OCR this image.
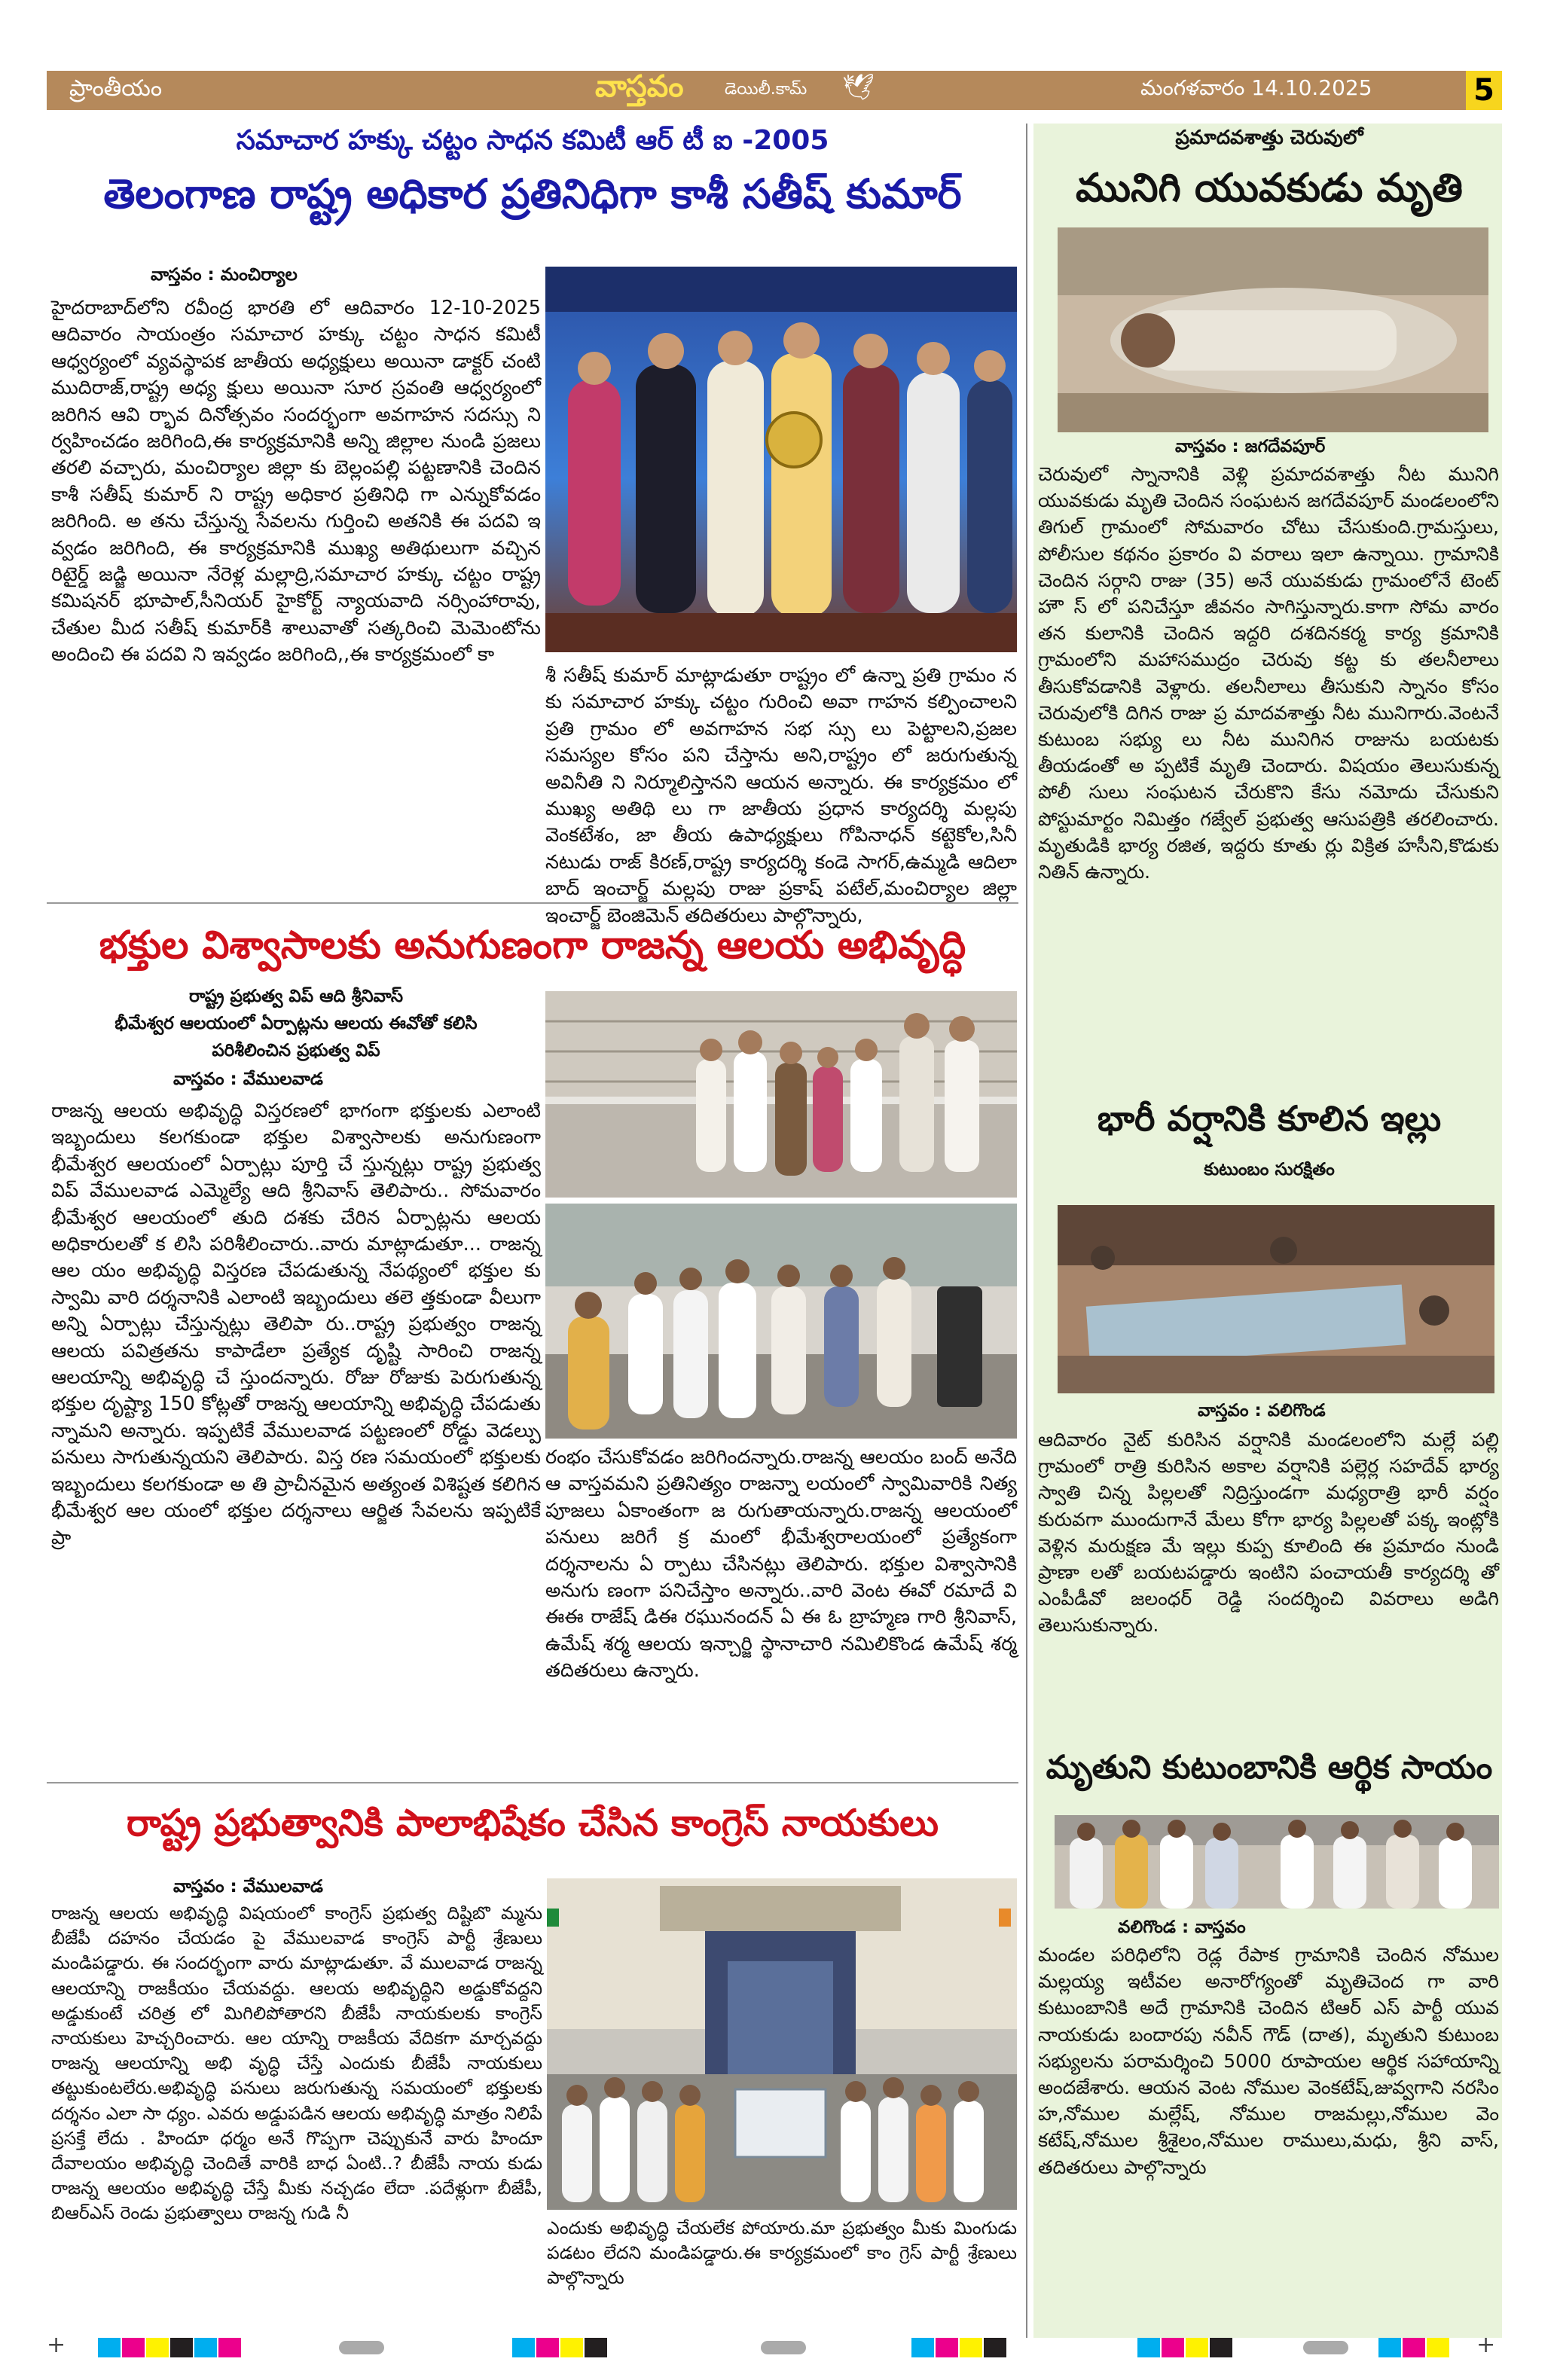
ప్రాంతీయం	వాస్తవం డెయిలీ.కామ్ 🕊	మంగళవారం 14.10.2025	5
సమాచార హక్కు చట్టం సాధన కమిటీ ఆర్ టీ ఐ -2005
తెలంగాణ రాష్ట్ర అధికార ప్రతినిధిగా కాశీ సతీష్ కుమార్
వాస్తవం : మంచిర్యాల

హైదరాబాద్‌లోని రవీంద్ర భారతి లో ఆదివారం 12-10-2025 ఆదివారం సాయంత్రం సమాచార హక్కు చట్టం సాధన కమిటీ ఆధ్వర్యంలో వ్యవస్థాపక జాతీయ అధ్యక్షులు అయినా డాక్టర్ చంటి ముదిరాజ్,రాష్ట్ర అధ్య క్షులు అయినా సూర స్రవంతి ఆధ్వర్యంలో జరిగిన ఆవి ర్భావ దినోత్సవం సందర్భంగా అవగాహన సదస్సు ని ర్వహించడం జరిగింది,ఈ కార్యక్రమానికి అన్ని జిల్లాల నుండి ప్రజలు తరలి వచ్చారు, మంచిర్యాల జిల్లా కు బెల్లంపల్లి పట్టణానికి చెందిన కాశీ సతీష్ కుమార్ ని రాష్ట్ర అధికార ప్రతినిధి గా ఎన్నుకోవడం జరిగింది. అ తను చేస్తున్న సేవలను గుర్తించి అతనికి ఈ పదవి ఇ వ్వడం జరిగింది, ఈ కార్యక్రమానికి ముఖ్య అతిథులుగా వచ్చిన రిటైర్డ్ జడ్జి అయినా నేరెళ్ల మల్లాద్రి,సమాచార హక్కు చట్టం రాష్ట్ర కమిషనర్ భూపాల్,సీనియర్ హైకోర్ట్ న్యాయవాది నర్సింహారావు, చేతుల మీద సతీష్ కుమార్‌కి శాలువాతో సత్కరించి మెమెంటోను అందించి ఈ పదవి ని ఇవ్వడం జరిగింది,,ఈ కార్యక్రమంలో కా

శీ సతీష్ కుమార్ మాట్లాడుతూ రాష్ట్రం లో ఉన్నా ప్రతి గ్రామం న కు సమాచార హక్కు చట్టం గురించి అవా గాహన కల్పించాలని ప్రతి గ్రామం లో అవగాహన సభ స్సు లు పెట్టాలని,ప్రజల సమస్యల కోసం పని చేస్తాను అని,రాష్ట్రం లో జరుగుతున్న అవినీతి ని నిర్మూలిస్తానని ఆయన అన్నారు. ఈ కార్యక్రమం లో ముఖ్య అతిథి లు గా జాతీయ ప్రధాన కార్యదర్శి మల్లపు వెంకటేశం, జా తీయ ఉపాధ్యక్షులు గోపినాధన్ కట్టెకోల,సినీ నటుడు రాజ్ కిరణ్,రాష్ట్ర కార్యదర్శి కండె సాగర్,ఉమ్మడి ఆదిలా బాద్ ఇంచార్జ్ మల్లపు రాజు ప్రకాష్ పటేల్,మంచిర్యాల జిల్లా ఇంచార్జ్ బెంజిమెన్ తదితరులు పాల్గొన్నారు,

భక్తుల విశ్వాసాలకు అనుగుణంగా రాజన్న ఆలయ అభివృద్ధి
రాష్ట్ర ప్రభుత్వ విప్ ఆది శ్రీనివాస్
భీమేశ్వర ఆలయంలో ఏర్పాట్లను ఆలయ ఈవోతో కలిసి
పరిశీలించిన ప్రభుత్వ విప్
వాస్తవం : వేములవాడ

రాజన్న ఆలయ అభివృద్ధి విస్తరణలో భాగంగా భక్తులకు ఎలాంటి ఇబ్బందులు కలగకుండా భక్తుల విశ్వాసాలకు అనుగుణంగా భీమేశ్వర ఆలయంలో ఏర్పాట్లు పూర్తి చే స్తున్నట్లు రాష్ట్ర ప్రభుత్వ విప్ వేములవాడ ఎమ్మెల్యే ఆది శ్రీనివాస్ తెలిపారు.. సోమవారం భీమేశ్వర ఆలయంలో తుది దశకు చేరిన ఏర్పాట్లను ఆలయ అధికారులతో క లిసి పరిశీలించారు..వారు మాట్లాడుతూ... రాజన్న ఆల యం అభివృద్ధి విస్తరణ చేపడుతున్న నేపథ్యంలో భక్తుల కు స్వామి వారి దర్శనానికి ఎలాంటి ఇబ్బందులు తలె త్తకుండా వీలుగా అన్ని ఏర్పాట్లు చేస్తున్నట్లు తెలిపా రు..రాష్ట్ర ప్రభుత్వం రాజన్న ఆలయ పవిత్రతను కాపాడేలా ప్రత్యేక దృష్టి సారించి రాజన్న ఆలయాన్ని అభివృద్ధి చే స్తుందన్నారు. రోజు రోజుకు పెరుగుతున్న భక్తుల దృష్ట్యా 150 కోట్లతో రాజన్న ఆలయాన్ని అభివృద్ధి చేపడుతు న్నామని అన్నారు. ఇప్పటికే వేములవాడ పట్టణంలో రోడ్డు వెడల్పు పనులు సాగుతున్నయని తెలిపారు. విస్త రణ సమయంలో భక్తులకు ఇబ్బందులు కలగకుండా అ తి ప్రాచీనమైన అత్యంత విశిష్టత కలిగిన భీమేశ్వర ఆల యంలో భక్తుల దర్శనాలు ఆర్జిత సేవలను ఇప్పటికే ప్రా

రంభం చేసుకోవడం జరిగిందన్నారు.రాజన్న ఆలయం బంద్ అనేది ఆ వాస్తవమని ప్రతినిత్యం రాజన్నా లయంలో స్వామివారికి నిత్య పూజలు ఏకాంతంగా జ రుగుతాయన్నారు.రాజన్న ఆలయంలో పనులు జరిగే క్ర మంలో భీమేశ్వరాలయంలో ప్రత్యేకంగా దర్శనాలను ఏ ర్పాటు చేసినట్లు తెలిపారు. భక్తుల విశ్వాసానికి అనుగు ణంగా పనిచేస్తాం అన్నారు..వారి వెంట ఈవో రమాదే వి ఈఈ రాజేష్ డిఈ రఘునందన్ ఏ ఈ ఓ బ్రాహ్మణ గారి శ్రీనివాస్, ఉమేష్ శర్మ ఆలయ ఇన్చార్జి స్థానాచారి నమిలికొండ ఉమేష్ శర్మ తదితరులు ఉన్నారు.

రాష్ట్ర ప్రభుత్వానికి పాలాభిషేకం చేసిన కాంగ్రెస్ నాయకులు
వాస్తవం : వేములవాడ

రాజన్న ఆలయ అభివృద్ధి విషయంలో కాంగ్రెస్ ప్రభుత్వ దిష్టిబొ మ్మను బీజేపీ దహనం చేయడం పై వేములవాడ కాంగ్రెస్ పార్టీ శ్రేణులు మండిపడ్డారు. ఈ సందర్భంగా వారు మాట్లాడుతూ. వే ములవాడ రాజన్న ఆలయాన్ని రాజకీయం చేయవద్దు. ఆలయ అభివృద్ధిని అడ్డుకోవద్దని అడ్డుకుంటే చరిత్ర లో మిగిలిపోతారని బీజేపీ నాయకులకు కాంగ్రెస్ నాయకులు హెచ్చరించారు. ఆల యాన్ని రాజకీయ వేదికగా మార్చవద్దు రాజన్న ఆలయాన్ని అభి వృద్ధి చేస్తే ఎందుకు బీజేపీ నాయకులు తట్టుకుంటలేరు.అభివృద్ధి పనులు జరుగుతున్న సమయంలో భక్తులకు దర్శనం ఎలా సా ధ్యం. ఎవరు అడ్డుపడిన ఆలయ అభివృద్ధి మాత్రం నిలిపే ప్రసక్తే లేదు . హిందూ ధర్మం అనే గొప్పగా చెప్పుకునే వారు హిందూ దేవాలయం అభివృద్ధి చెందితే వారికి బాధ ఏంటి..? బీజేపీ నాయ కుడు రాజన్న ఆలయం అభివృద్ధి చేస్తే మీకు నచ్చడం లేదా .పదేళ్లుగా బీజేపీ, బిఆర్ఎస్ రెండు ప్రభుత్వాలు రాజన్న గుడి నీ

ఎందుకు అభివృద్ధి చేయలేక పోయారు.మా ప్రభుత్వం మీకు మింగుడు పడటం లేదని మండిపడ్డారు.ఈ కార్యక్రమంలో కాం గ్రెస్ పార్టీ శ్రేణులు పాల్గొన్నారు

ప్రమాదవశాత్తు చెరువులో
మునిగి యువకుడు మృతి
వాస్తవం : జగదేవపూర్

చెరువులో స్నానానికి వెళ్లి ప్రమాదవశాత్తు నీట మునిగి యువకుడు మృతి చెందిన సంఘటన జగదేవపూర్ మండలంలోని తిగుల్ గ్రామంలో సోమవారం చోటు చేసుకుంది.గ్రామస్తులు, పోలీసుల కథనం ప్రకారం వి వరాలు ఇలా ఉన్నాయి. గ్రామానికి చెందిన సర్గాని రాజు (35) అనే యువకుడు గ్రామంలోనే టెంట్ హౌ స్ లో పనిచేస్తూ జీవనం సాగిస్తున్నారు.కాగా సోమ వారం తన కులానికి చెందిన ఇద్దరి దశదినకర్మ కార్య క్రమానికి గ్రామంలోని మహాసముద్రం చెరువు కట్ట కు తలనీలాలు తీసుకోవడానికి వెళ్లారు. తలనీలాలు తీసుకుని స్నానం కోసం చెరువులోకి దిగిన రాజు ప్ర మాదవశాత్తు నీట మునిగారు.వెంటనే కుటుంబ సభ్యు లు నీట మునిగిన రాజును బయటకు తీయడంతో అ ప్పటికే మృతి చెందారు. విషయం తెలుసుకున్న పోలీ సులు సంఘటన చేరుకొని కేసు నమోదు చేసుకుని పోస్టుమార్టం నిమిత్తం గజ్వేల్ ప్రభుత్వ ఆసుపత్రికి తరలించారు. మృతుడికి భార్య రజిత, ఇద్దరు కూతు ర్లు విక్రిత హసీని,కొడుకు నితిన్ ఉన్నారు.

భారీ వర్షానికి కూలిన ఇల్లు
కుటుంబం సురక్షితం
వాస్తవం : వలిగొండ

ఆదివారం నైట్ కురిసిన వర్షానికి మండలంలోని మల్లే పల్లి గ్రామంలో రాత్రి కురిసిన అకాల వర్షానికి పల్లెర్ల సహదేవ్ భార్య స్వాతి చిన్న పిల్లలతో నిద్రిస్తుండగా మధ్యరాత్రి భారీ వర్షం కురువగా ముందుగానే మేలు కోగా భార్య పిల్లలతో పక్క ఇంట్లోకి వెళ్లిన మరుక్షణ మే ఇల్లు కుప్ప కూలింది ఈ ప్రమాదం నుండి ప్రాణా లతో బయటపడ్డారు ఇంటిని పంచాయతీ కార్యదర్శి తో ఎంపీడీవో జలంధర్ రెడ్డి సందర్శించి వివరాలు అడిగి తెలుసుకున్నారు.

మృతుని కుటుంబానికి ఆర్థిక సాయం
వలిగొండ : వాస్తవం

మండల పరిధిలోని రెడ్ల రేపాక గ్రామానికి చెందిన నోముల మల్లయ్య ఇటీవల అనారోగ్యంతో మృతిచెంద గా వారి కుటుంబానికి అదే గ్రామానికి చెందిన టిఆర్ ఎస్ పార్టీ యువ నాయకుడు బందారపు నవీన్ గౌడ్ (దాత), మృతుని కుటుంబ సభ్యులను పరామర్శించి 5000 రూపాయల ఆర్థిక సహాయాన్ని అందజేశారు. ఆయన వెంట నోముల వెంకటేష్,జువ్వగాని నరసిం హ,నోముల మల్లేష్, నోముల రాజమల్లు,నోముల వెం కటేష్,నోముల శ్రీశైలం,నోముల రాములు,మధు, శ్రీని వాస్, తదితరులు పాల్గొన్నారు

+	+
